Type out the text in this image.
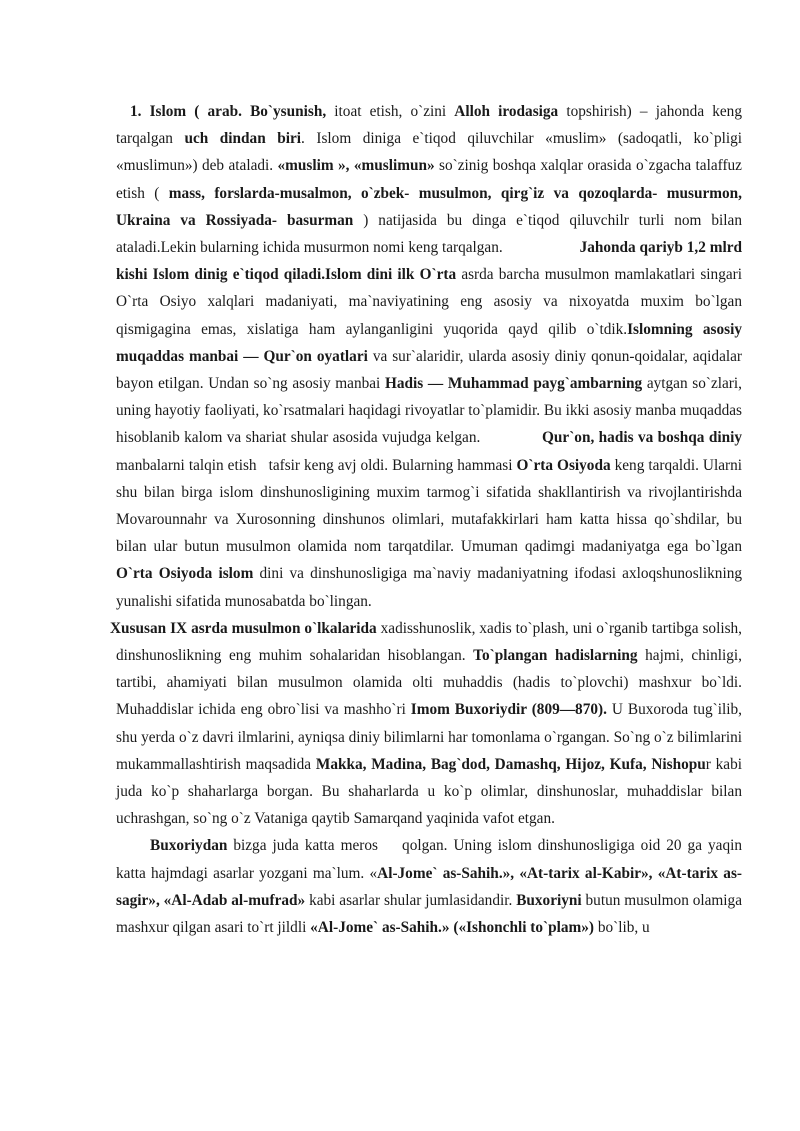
1. Islom ( arab. Bo`ysunish, itoat etish, o`zini Alloh irodasiga topshirish) – jahonda keng tarqalgan uch dindan biri. Islom diniga e`tiqod qiluvchilar «muslim» (sadoqatli, ko`pligi «muslimun») deb ataladi. «muslim », «muslimun» so`zinig boshqa xalqlar orasida o`zgacha talaffuz etish ( mass, forslarda-musalmon, o`zbek- musulmon, qirg`iz va qozoqlarda- musurmon, Ukraina va Rossiyada- basurman ) natijasida bu dinga e`tiqod qiluvchilr turli nom bilan ataladi.Lekin bularning ichida musurmon nomi keng tarqalgan.                    Jahonda qariyb 1,2 mlrd kishi Islom dinig e`tiqod qiladi.Islom dini ilk O`rta asrda barcha musulmon mamlakatlari singari O`rta Osiyo xalqlari madaniyati, ma`naviyatining eng asosiy va nixoyatda muxim bo`lgan qismigagina emas, xislatiga ham aylanganligini yuqorida qayd qilib o`tdik.Islomning asosiy muqaddas manbai — Qur`on oyatlari va sur`alaridir, ularda asosiy diniy qonun-qoidalar, aqidalar bayon etilgan. Undan so`ng asosiy manbai Hadis — Muhammad payg`ambarning aytgan so`zlari, uning hayotiy faoliyati, ko`rsatmalari haqidagi rivoyatlar to`plamidir. Bu ikki asosiy manba muqaddas hisoblanib kalom va shariat shular asosida vujudga kelgan.              Qur`on, hadis va boshqa diniy manbalarni talqin etish   tafsir keng avj oldi. Bularning hammasi O`rta Osiyoda keng tarqaldi. Ularni shu bilan birga islom dinshunosligining muxim tarmog`i sifatida shakllantirish va rivojlantirishda Movarounnahr va Xurosonning dinshunos olimlari, mutafakkirlari ham katta hissa qo`shdilar, bu bilan ular butun musulmon olamida nom tarqatdilar. Umuman qadimgi madaniyatga ega bo`lgan O`rta Osiyoda islom dini va dinshunosligiga ma`naviy madaniyatning ifodasi axloqshunoslikning yunalishi sifatida munosabatda bo`lingan.

Xususan IX asrda musulmon o`lkalarida xadisshunoslik, xadis to`plash, uni o`rganib tartibga solish, dinshunoslikning eng muhim sohalaridan hisoblangan. To`plangan hadislarning hajmi, chinligi, tartibi, ahamiyati bilan musulmon olamida olti muhaddis (hadis to`plovchi) mashxur bo`ldi. Muhaddislar ichida eng obro`lisi va mashho`ri Imom Buxoriydir (809—870). U Buxoroda tug`ilib, shu yerda o`z davri ilmlarini, ayniqsa diniy bilimlarni har tomonlama o`rgangan. So`ng o`z bilimlarini mukammallashtirish maqsadida Makka, Madina, Bag`dod, Damashq, Hijoz, Kufa, Nishopur kabi juda ko`p shaharlarga borgan. Bu shaharlarda u ko`p olimlar, dinshunoslar, muhaddislar bilan uchrashgan, so`ng o`z Vataniga qaytib Samarqand yaqinida vafot etgan.

Buxoriydan bizga juda katta meros    qolgan. Uning islom dinshunosligiga oid 20 ga yaqin katta hajmdagi asarlar yozgani ma`lum. «Al-Jome` as-Sahih.», «At-tarix al-Kabir», «At-tarix as-sagir», «Al-Adab al-mufrad» kabi asarlar shular jumlasidandir. Buxoriyni butun musulmon olamiga mashxur qilgan asari to`rt jildli «Al-Jome` as-Sahih.» («Ishonchli to`plam») bo`lib, u
